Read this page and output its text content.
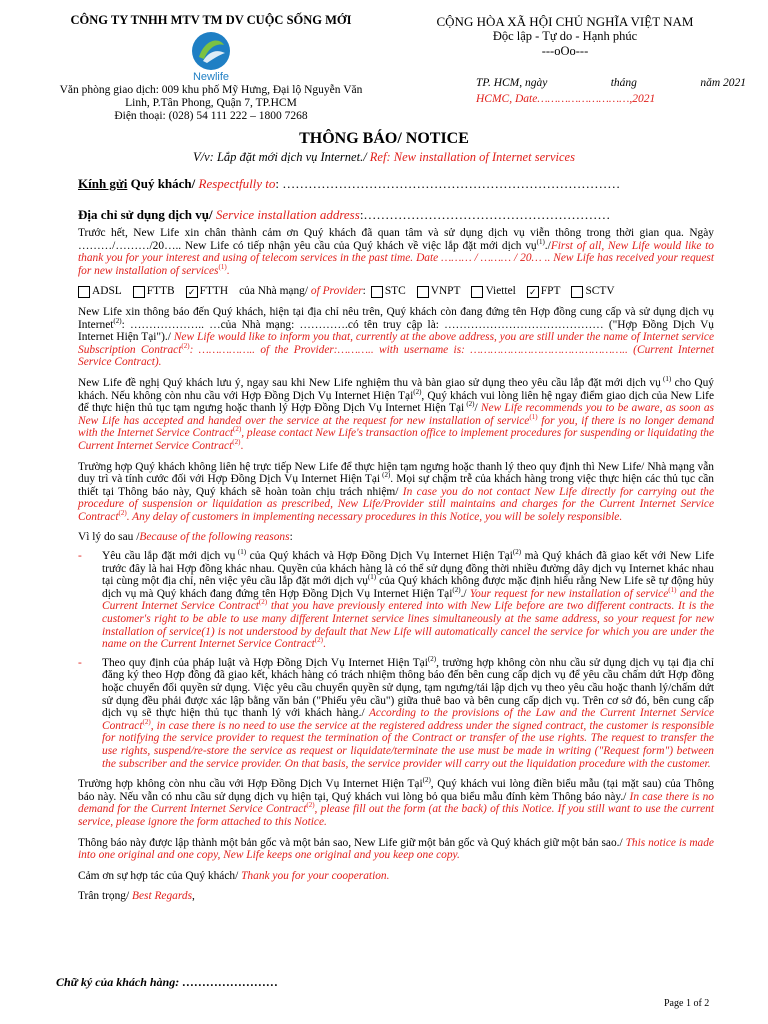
CÔNG TY TNHH MTV TM DV CUỘC SỐNG MỚI
Newlife
Văn phòng giao dịch: 009 khu phố Mỹ Hưng, Đại lộ Nguyễn Văn
Linh, P.Tân Phong, Quận 7, TP.HCM
Điện thoại: (028) 54 111 222 – 1800 7268
CỘNG HÒA XÃ HỘI CHỦ NGHĨA VIỆT NAM
Độc lập - Tự do - Hạnh phúc
---oOo---
TP. HCM, ngày	tháng	năm 2021
HCMC, Date………………………,2021
THÔNG BÁO/ NOTICE
V/v: Lắp đặt mới dịch vụ Internet./ Ref: New installation of Internet services
Kính gửi Quý khách/ Respectfully to: ……………………………………………………………………
Địa chỉ sử dụng dịch vụ/ Service installation address:…………………………………………………

Trước hết, New Life xin chân thành cảm ơn Quý khách đã quan tâm và sử dụng dịch vụ viễn thông trong thời gian qua. Ngày ………/………/20….. New Life có tiếp nhận yêu cầu của Quý khách về việc lắp đặt mới dịch vụ$^{(1)}$./First of all, New Life would like to thank you for your interest and using of telecom services in the past time. Date ……… / ……… / 20… .. New Life has received your request for new installation of services$^{(1)}$.

ADSL	FTTB ✓ FTTH của Nhà mạng/ of Provider:	STC	VNPT	Viettel ✓ FPT	SCTV

New Life xin thông báo đến Quý khách, hiện tại địa chỉ nêu trên, Quý khách còn đang đứng tên Hợp đồng cung cấp và sử dụng dịch vụ Internet$^{(2)}$: ……………….. …của Nhà mạng: ………….có tên truy cập là: …………………………………… ("Hợp Đồng Dịch Vụ Internet Hiện Tại")./ New Life would like to inform you that, currently at the above address, you are still under the name of Internet service Subscription Contract$^{(2)}$: …………….. of the Provider:……….. with username is: ……………………………………….. (Current Internet Service Contract).

New Life đề nghị Quý khách lưu ý, ngay sau khi New Life nghiệm thu và bàn giao sử dụng theo yêu cầu lắp đặt mới dịch vụ $^{(1)}$ cho Quý khách. Nếu không còn nhu cầu với Hợp Đồng Dịch Vụ Internet Hiện Tại$^{(2)}$, Quý khách vui lòng liên hệ ngay điểm giao dịch của New Life để thực hiện thủ tục tạm ngưng hoặc thanh lý Hợp Đồng Dịch Vụ Internet Hiện Tại $^{(2)}$/ New Life recommends you to be aware, as soon as New Life has accepted and handed over the service at the request for new installation of service$^{(1)}$ for you, if there is no longer demand with the Internet Service Contract$^{(2)}$, please contact New Life's transaction office to implement procedures for suspending or liquidating the Current Internet Service Contract$^{(2)}$.

Trường hợp Quý khách không liên hệ trực tiếp New Life để thực hiện tạm ngưng hoặc thanh lý theo quy định thì New Life/ Nhà mạng vẫn duy trì và tính cước đối với Hợp Đồng Dịch Vụ Internet Hiện Tại $^{(2)}$. Mọi sự chậm trễ của khách hàng trong việc thực hiện các thủ tục cần thiết tại Thông báo này, Quý khách sẽ hoàn toàn chịu trách nhiệm/ In case you do not contact New Life directly for carrying out the procedure of suspension or liquidation as prescribed, New Life/Provider still maintains and charges for the Current Internet Service Contract$^{(2)}$. Any delay of customers in implementing necessary procedures in this Notice, you will be solely responsible.

Vì lý do sau /Because of the following reasons:

-	Yêu cầu lắp đặt mới dịch vụ $^{(1)}$ của Quý khách và Hợp Đồng Dịch Vụ Internet Hiện Tại$^{(2)}$ mà Quý khách đã giao kết với New Life trước đây là hai Hợp đồng khác nhau. Quyền của khách hàng là có thể sử dụng đồng thời nhiều đường dây dịch vụ Internet khác nhau tại cùng một địa chỉ, nên việc yêu cầu lắp đặt mới dịch vụ$^{(1)}$ của Quý khách không được mặc định hiểu rằng New Life sẽ tự động hủy dịch vụ mà Quý khách đang đứng tên Hợp Đồng Dịch Vụ Internet Hiện Tại$^{(2)}$./ Your request for new installation of service$^{(1)}$ and the Current Internet Service Contract$^{(2)}$ that you have previously entered into with New Life before are two different contracts. It is the customer's right to be able to use many different Internet service lines simultaneously at the same address, so your request for new installation of service(1) is not understood by default that New Life will automatically cancel the service for which you are under the name on the Current Internet Service Contract$^{(2)}$.
-	Theo quy định của pháp luật và Hợp Đồng Dịch Vụ Internet Hiện Tại$^{(2)}$, trường hợp không còn nhu cầu sử dụng dịch vụ tại địa chỉ đăng ký theo Hợp đồng đã giao kết, khách hàng có trách nhiệm thông báo đến bên cung cấp dịch vụ để yêu cầu chấm dứt Hợp đồng hoặc chuyển đổi quyền sử dụng. Việc yêu cầu chuyển quyền sử dụng, tạm ngưng/tái lập dịch vụ theo yêu cầu hoặc thanh lý/chấm dứt sử dụng đều phải được xác lập bằng văn bản ("Phiếu yêu cầu") giữa thuê bao và bên cung cấp dịch vụ. Trên cơ sở đó, bên cung cấp dịch vụ sẽ thực hiện thủ tục thanh lý với khách hàng./ According to the provisions of the Law and the Current Internet Service Contract$^{(2)}$, in case there is no need to use the service at the registered address under the signed contract, the customer is responsible for notifying the service provider to request the termination of the Contract or transfer of the use rights. The request to transfer the use rights, suspend/re-store the service as request or liquidate/terminate the use must be made in writing ("Request form") between the subscriber and the service provider. On that basis, the service provider will carry out the liquidation procedure with the customer.

Trường hợp không còn nhu cầu với Hợp Đồng Dịch Vụ Internet Hiện Tại$^{(2)}$, Quý khách vui lòng điền biểu mẫu (tại mặt sau) của Thông báo này. Nếu vẫn có nhu cầu sử dụng dịch vụ hiện tại, Quý khách vui lòng bỏ qua biểu mẫu đính kèm Thông báo này./ In case there is no demand for the Current Internet Service Contract$^{(2)}$, please fill out the form (at the back) of this Notice. If you still want to use the current service, please ignore the form attached to this Notice.

Thông báo này được lập thành một bản gốc và một bản sao, New Life giữ một bản gốc và Quý khách giữ một bản sao./ This notice is made into one original and one copy, New Life keeps one original and you keep one copy.

Cảm ơn sự hợp tác của Quý khách/ Thank you for your cooperation.

Trân trọng/ Best Regards,

Chữ ký của khách hàng: ……………………
Page 1 of 2
